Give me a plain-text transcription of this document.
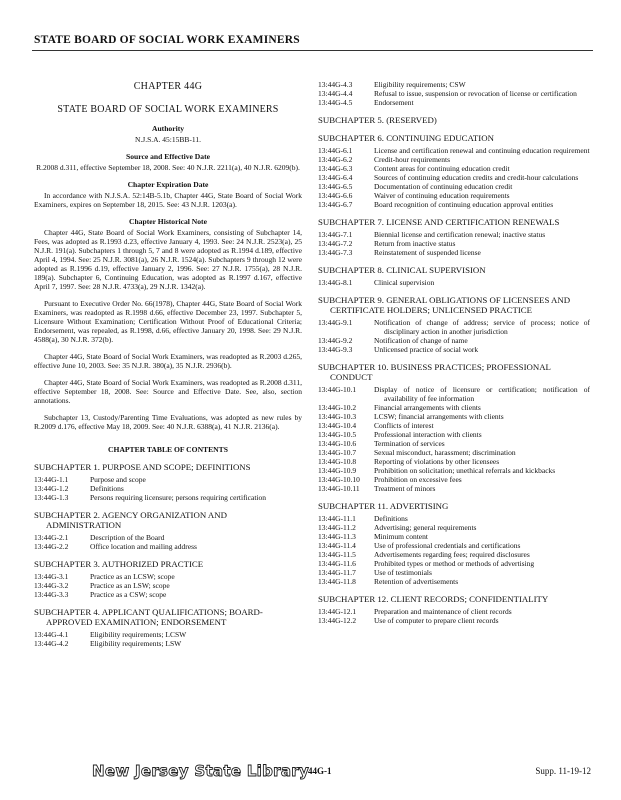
STATE BOARD OF SOCIAL WORK EXAMINERS
CHAPTER 44G
STATE BOARD OF SOCIAL WORK EXAMINERS
Authority
N.J.S.A. 45:15BB-11.
Source and Effective Date
R.2008 d.311, effective September 18, 2008. See: 40 N.J.R. 2211(a), 40 N.J.R. 6209(b).
Chapter Expiration Date
In accordance with N.J.S.A. 52:14B-5.1b, Chapter 44G, State Board of Social Work Examiners, expires on September 18, 2015. See: 43 N.J.R. 1203(a).
Chapter Historical Note
Chapter 44G, State Board of Social Work Examiners, consisting of Subchapter 14, Fees, was adopted as R.1993 d.23, effective January 4, 1993. See: 24 N.J.R. 2523(a), 25 N.J.R. 191(a). Subchapters 1 through 5, 7 and 8 were adopted as R.1994 d.189, effective April 4, 1994. See: 25 N.J.R. 3081(a), 26 N.J.R. 1524(a). Subchapters 9 through 12 were adopted as R.1996 d.19, effective January 2, 1996. See: 27 N.J.R. 1755(a), 28 N.J.R. 189(a). Subchapter 6, Continuing Education, was adopted as R.1997 d.167, effective April 7, 1997. See: 28 N.J.R. 4733(a), 29 N.J.R. 1342(a).
Pursuant to Executive Order No. 66(1978), Chapter 44G, State Board of Social Work Examiners, was readopted as R.1998 d.66, effective December 23, 1997. Subchapter 5, Licensure Without Examination; Certification Without Proof of Educational Criteria; Endorsement, was repealed, as R.1998, d.66, effective January 20, 1998. See: 29 N.J.R. 4588(a), 30 N.J.R. 372(b).
Chapter 44G, State Board of Social Work Examiners, was readopted as R.2003 d.265, effective June 10, 2003. See: 35 N.J.R. 380(a), 35 N.J.R. 2936(b).
Chapter 44G, State Board of Social Work Examiners, was readopted as R.2008 d.311, effective September 18, 2008. See: Source and Effective Date. See, also, section annotations.
Subchapter 13, Custody/Parenting Time Evaluations, was adopted as new rules by R.2009 d.176, effective May 18, 2009. See: 40 N.J.R. 6388(a), 41 N.J.R. 2136(a).
CHAPTER TABLE OF CONTENTS
SUBCHAPTER 1. PURPOSE AND SCOPE; DEFINITIONS
13:44G-1.1	Purpose and scope
13:44G-1.2	Definitions
13:44G-1.3	Persons requiring licensure; persons requiring certification
SUBCHAPTER 2. AGENCY ORGANIZATION AND ADMINISTRATION
13:44G-2.1	Description of the Board
13:44G-2.2	Office location and mailing address
SUBCHAPTER 3. AUTHORIZED PRACTICE
13:44G-3.1	Practice as an LCSW; scope
13:44G-3.2	Practice as an LSW; scope
13:44G-3.3	Practice as a CSW; scope
SUBCHAPTER 4. APPLICANT QUALIFICATIONS; BOARD-APPROVED EXAMINATION; ENDORSEMENT
13:44G-4.1	Eligibility requirements; LCSW
13:44G-4.2	Eligibility requirements; LSW
13:44G-4.3	Eligibility requirements; CSW
13:44G-4.4	Refusal to issue, suspension or revocation of license or certification
13:44G-4.5	Endorsement
SUBCHAPTER 5. (RESERVED)
SUBCHAPTER 6. CONTINUING EDUCATION
13:44G-6.1	License and certification renewal and continuing education requirement
13:44G-6.2	Credit-hour requirements
13:44G-6.3	Content areas for continuing education credit
13:44G-6.4	Sources of continuing education credits and credit-hour calculations
13:44G-6.5	Documentation of continuing education credit
13:44G-6.6	Waiver of continuing education requirements
13:44G-6.7	Board recognition of continuing education approval entities
SUBCHAPTER 7. LICENSE AND CERTIFICATION RENEWALS
13:44G-7.1	Biennial license and certification renewal; inactive status
13:44G-7.2	Return from inactive status
13:44G-7.3	Reinstatement of suspended license
SUBCHAPTER 8. CLINICAL SUPERVISION
13:44G-8.1	Clinical supervision
SUBCHAPTER 9. GENERAL OBLIGATIONS OF LICENSEES AND CERTIFICATE HOLDERS; UNLICENSED PRACTICE
13:44G-9.1	Notification of change of address; service of process; notice of disciplinary action in another jurisdiction
13:44G-9.2	Notification of change of name
13:44G-9.3	Unlicensed practice of social work
SUBCHAPTER 10. BUSINESS PRACTICES; PROFESSIONAL CONDUCT
13:44G-10.1	Display of notice of licensure or certification; notification of availability of fee information
13:44G-10.2	Financial arrangements with clients
13:44G-10.3	LCSW; financial arrangements with clients
13:44G-10.4	Conflicts of interest
13:44G-10.5	Professional interaction with clients
13:44G-10.6	Termination of services
13:44G-10.7	Sexual misconduct, harassment; discrimination
13:44G-10.8	Reporting of violations by other licensees
13:44G-10.9	Prohibition on solicitation; unethical referrals and kickbacks
13:44G-10.10	Prohibition on excessive fees
13:44G-10.11	Treatment of minors
SUBCHAPTER 11. ADVERTISING
13:44G-11.1	Definitions
13:44G-11.2	Advertising; general requirements
13:44G-11.3	Minimum content
13:44G-11.4	Use of professional credentials and certifications
13:44G-11.5	Advertisements regarding fees; required disclosures
13:44G-11.6	Prohibited types or method or methods of advertising
13:44G-11.7	Use of testimonials
13:44G-11.8	Retention of advertisements
SUBCHAPTER 12. CLIENT RECORDS; CONFIDENTIALITY
13:44G-12.1	Preparation and maintenance of client records
13:44G-12.2	Use of computer to prepare client records
New Jersey State Library
44G-1	Supp. 11-19-12
